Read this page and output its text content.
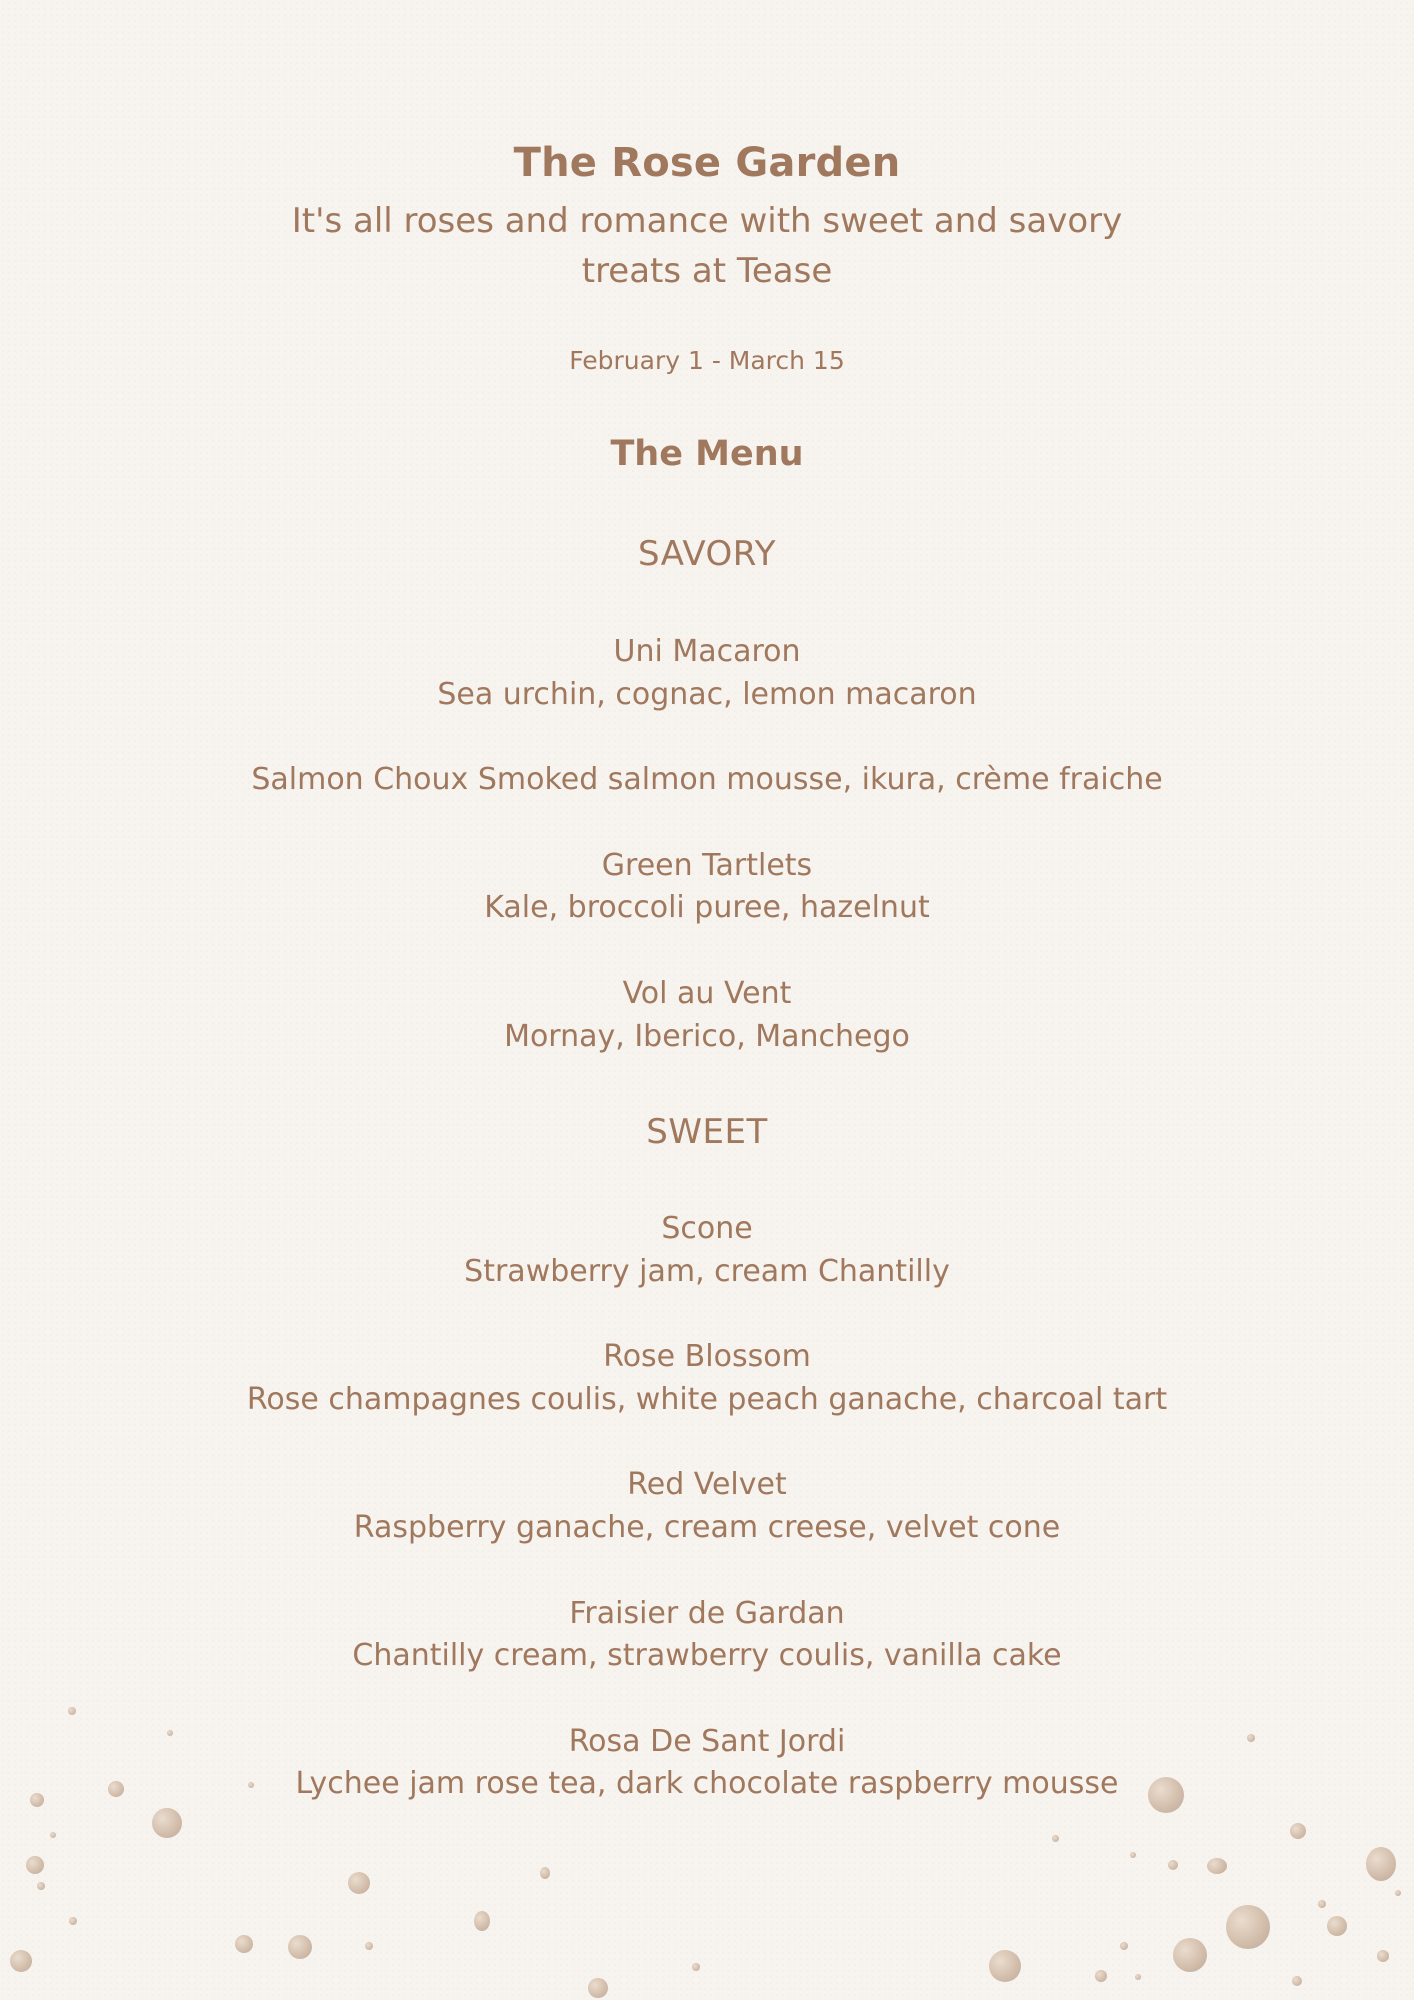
The Rose Garden
It's all roses and romance with sweet and savory
treats at Tease
February 1 - March 15
The Menu
SAVORY
Uni Macaron
Sea urchin, cognac, lemon macaron
Salmon Choux Smoked salmon mousse, ikura, crème fraiche
Green Tartlets
Kale, broccoli puree, hazelnut
Vol au Vent
Mornay, Iberico, Manchego
SWEET
Scone
Strawberry jam, cream Chantilly
Rose Blossom
Rose champagnes coulis, white peach ganache, charcoal tart
Red Velvet
Raspberry ganache, cream creese, velvet cone
Fraisier de Gardan
Chantilly cream, strawberry coulis, vanilla cake
Rosa De Sant Jordi
Lychee jam rose tea, dark chocolate raspberry mousse
